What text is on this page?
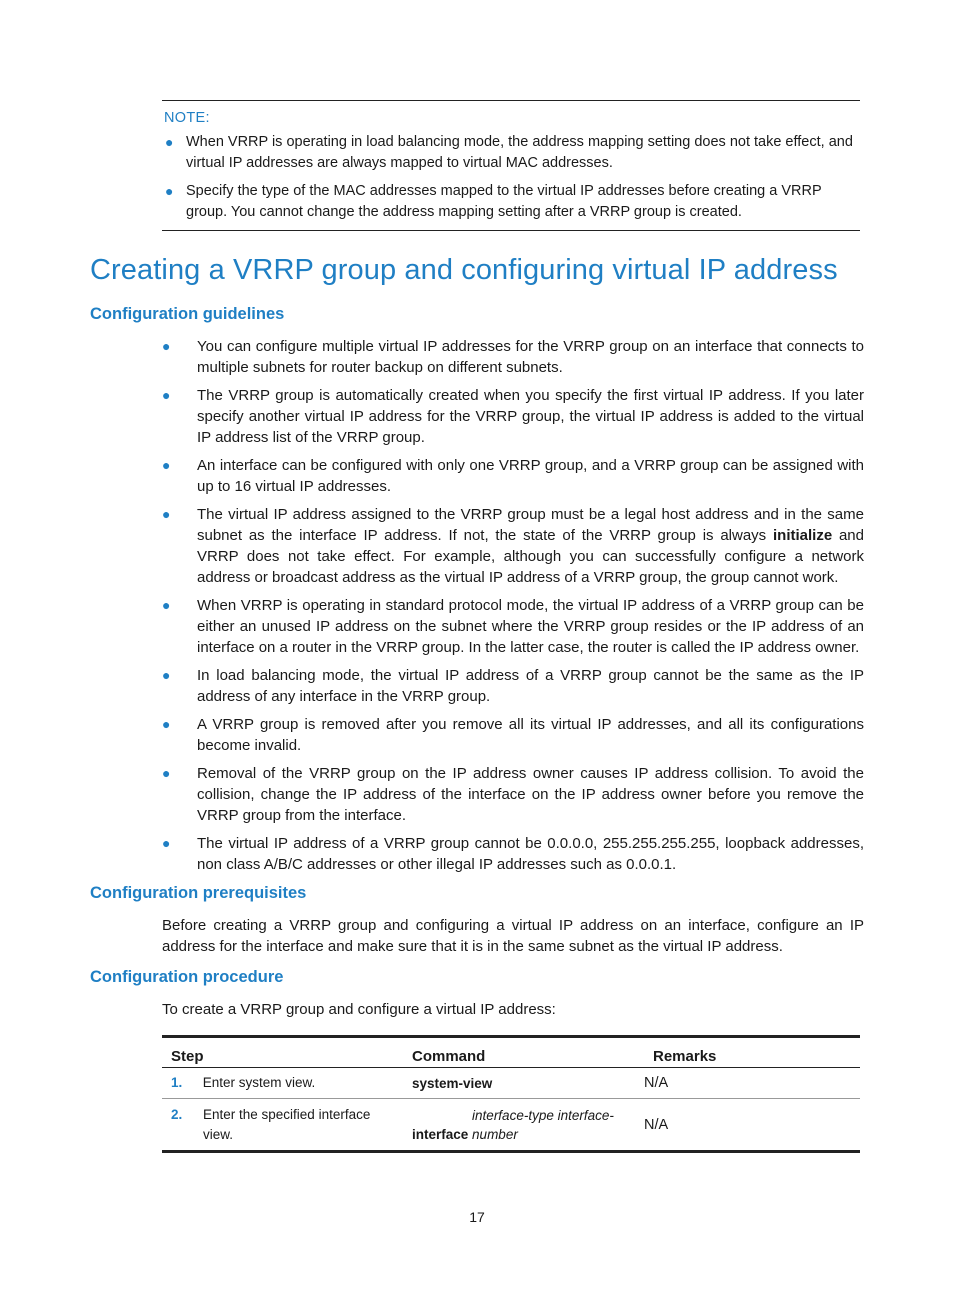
NOTE:
● When VRRP is operating in load balancing mode, the address mapping setting does not take effect, and virtual IP addresses are always mapped to virtual MAC addresses.
● Specify the type of the MAC addresses mapped to the virtual IP addresses before creating a VRRP group. You cannot change the address mapping setting after a VRRP group is created.
Creating a VRRP group and configuring virtual IP address
Configuration guidelines
● You can configure multiple virtual IP addresses for the VRRP group on an interface that connects to multiple subnets for router backup on different subnets.
● The VRRP group is automatically created when you specify the first virtual IP address. If you later specify another virtual IP address for the VRRP group, the virtual IP address is added to the virtual IP address list of the VRRP group.
● An interface can be configured with only one VRRP group, and a VRRP group can be assigned with up to 16 virtual IP addresses.
● The virtual IP address assigned to the VRRP group must be a legal host address and in the same subnet as the interface IP address. If not, the state of the VRRP group is always initialize and VRRP does not take effect. For example, although you can successfully configure a network address or broadcast address as the virtual IP address of a VRRP group, the group cannot work.
● When VRRP is operating in standard protocol mode, the virtual IP address of a VRRP group can be either an unused IP address on the subnet where the VRRP group resides or the IP address of an interface on a router in the VRRP group. In the latter case, the router is called the IP address owner.
● In load balancing mode, the virtual IP address of a VRRP group cannot be the same as the IP address of any interface in the VRRP group.
● A VRRP group is removed after you remove all its virtual IP addresses, and all its configurations become invalid.
● Removal of the VRRP group on the IP address owner causes IP address collision. To avoid the collision, change the IP address of the interface on the IP address owner before you remove the VRRP group from the interface.
● The virtual IP address of a VRRP group cannot be 0.0.0.0, 255.255.255.255, loopback addresses, non class A/B/C addresses or other illegal IP addresses such as 0.0.0.1.
Configuration prerequisites

Before creating a VRRP group and configuring a virtual IP address on an interface, configure an IP address for the interface and make sure that it is in the same subnet as the virtual IP address.

Configuration procedure

To create a VRRP group and configure a virtual IP address:

Step	Command	Remarks
1. Enter system view.	system-view	N/A

2. Enter the specified interface view.	interface interface-type interface-number	N/A
17
